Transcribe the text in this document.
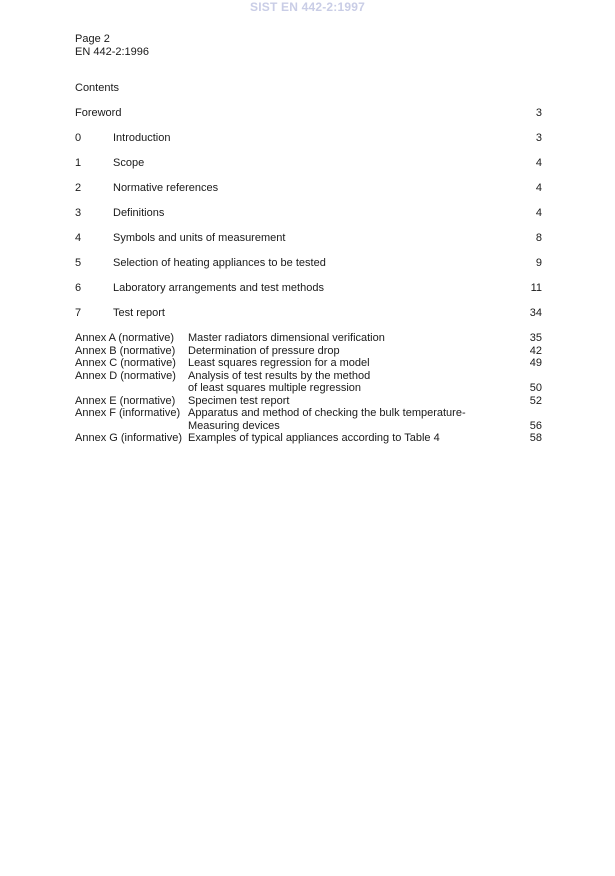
SIST EN 442-2:1997
Page 2
EN 442-2:1996
Contents
Foreword	3
0	Introduction	3
1	Scope	4
2	Normative references	4
3	Definitions	4
4	Symbols and units of measurement	8
5	Selection of heating appliances to be tested	9
6	Laboratory arrangements and test methods	11
7	Test report	34
Annex A (normative) Master radiators dimensional verification	35
Annex B (normative) Determination of pressure drop	42
Annex C (normative) Least squares regression for a model	49
Annex D (normative) Analysis of test results by the method
of least squares multiple regression	50
Annex E (normative) Specimen test report	52
Annex F (informative) Apparatus and method of checking the bulk temperature-
Measuring devices	56
Annex G (informative) Examples of typical appliances according to Table 4	58
